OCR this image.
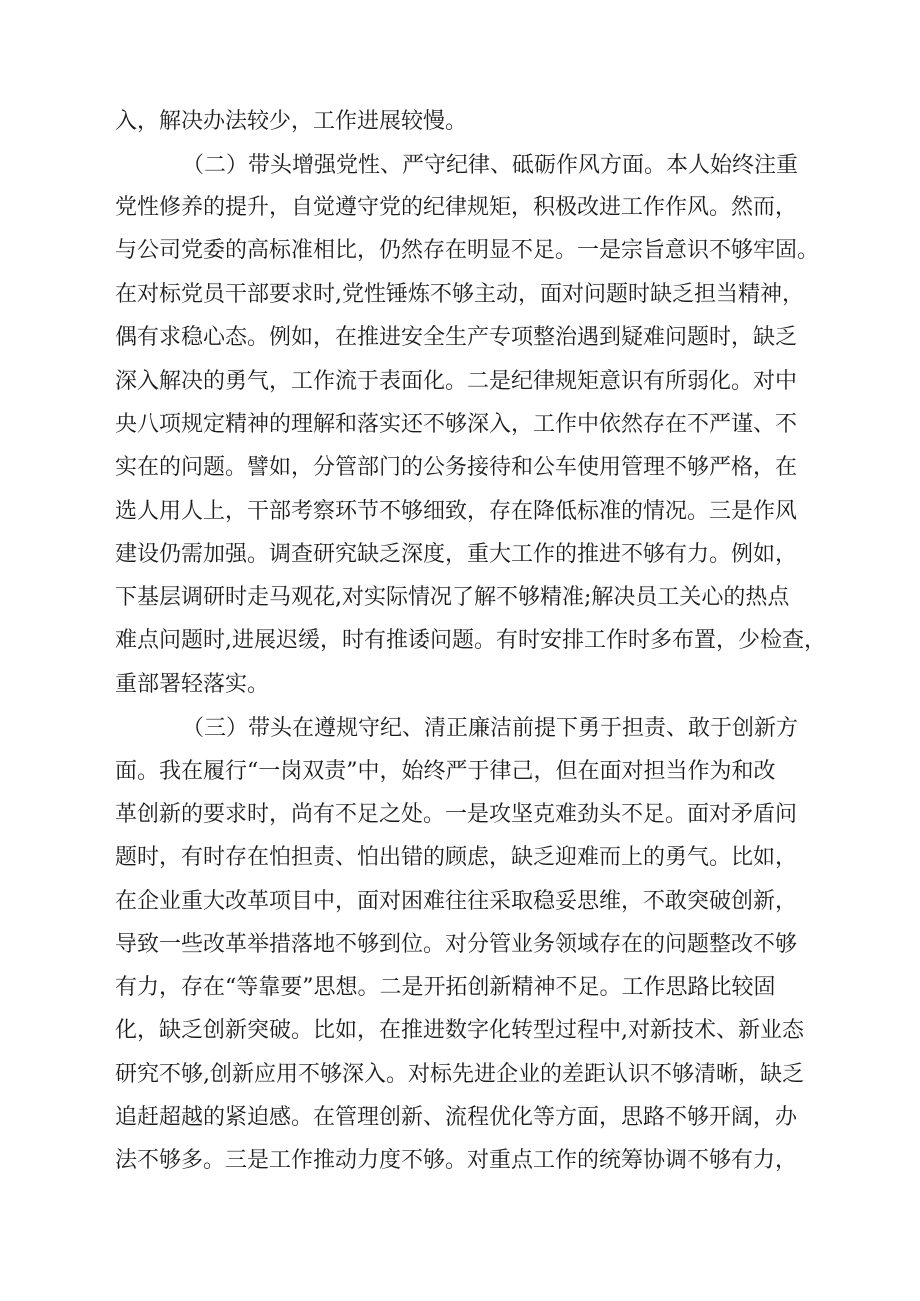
入，解决办法较少，工作进展较慢。
（二）带头增强党性、严守纪律、砥砺作风方面。本人始终注重
党性修养的提升，自觉遵守党的纪律规矩，积极改进工作作风。然而，
与公司党委的高标准相比，仍然存在明显不足。一是宗旨意识不够牢固。
在对标党员干部要求时,党性锤炼不够主动，面对问题时缺乏担当精神，
偶有求稳心态。例如，在推进安全生产专项整治遇到疑难问题时，缺乏
深入解决的勇气，工作流于表面化。二是纪律规矩意识有所弱化。对中
央八项规定精神的理解和落实还不够深入，工作中依然存在不严谨、不
实在的问题。譬如，分管部门的公务接待和公车使用管理不够严格，在
选人用人上，干部考察环节不够细致，存在降低标准的情况。三是作风
建设仍需加强。调查研究缺乏深度，重大工作的推进不够有力。例如，
下基层调研时走马观花,对实际情况了解不够精准;解决员工关心的热点
难点问题时,进展迟缓，时有推诿问题。有时安排工作时多布置，少检查，
重部署轻落实。
（三）带头在遵规守纪、清正廉洁前提下勇于担责、敢于创新方
面。我在履行“一岗双责”中，始终严于律己，但在面对担当作为和改
革创新的要求时，尚有不足之处。一是攻坚克难劲头不足。面对矛盾问
题时，有时存在怕担责、怕出错的顾虑，缺乏迎难而上的勇气。比如，
在企业重大改革项目中，面对困难往往采取稳妥思维，不敢突破创新，
导致一些改革举措落地不够到位。对分管业务领域存在的问题整改不够
有力，存在“等靠要”思想。二是开拓创新精神不足。工作思路比较固
化，缺乏创新突破。比如，在推进数字化转型过程中,对新技术、新业态
研究不够,创新应用不够深入。对标先进企业的差距认识不够清晰，缺乏
追赶超越的紧迫感。在管理创新、流程优化等方面，思路不够开阔，办
法不够多。三是工作推动力度不够。对重点工作的统筹协调不够有力，
